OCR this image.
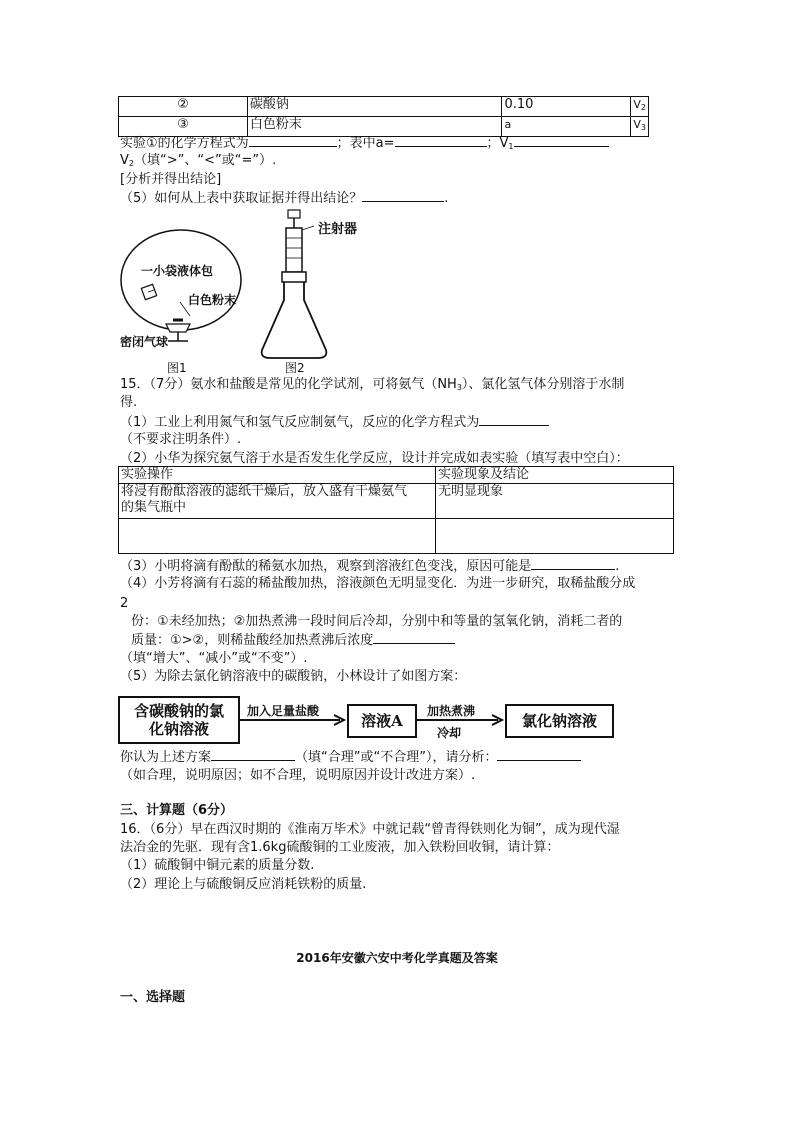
②	碳酸钠	0.10	$V_2$
③	白色粉末	a	$V_3$
实验①的化学方程式为	；表中a=	；$V_1$
$V_2$（填“>”、“<”或“=”）.
[分析并得出结论]
（5）如何从上表中获取证据并得出结论？	.
一小袋液体包
白色粉末
密闭气球
注射器
图1	图2
15．（7分）氨水和盐酸是常见的化学试剂，可将氨气$(NH_3)$、氯化氢气体分别溶于水制
得.
（1）工业上利用氮气和氢气反应制氨气，反应的化学方程式为
（不要求注明条件）.
（2）小华为探究氨气溶于水是否发生化学反应，设计并完成如表实验（填写表中空白）：
实验操作	实验现象及结论

将浸有酚酞溶液的滤纸干燥后，放入盛有干燥氨气
的集气瓶中	无明显现象

（3）小明将滴有酚酞的稀氨水加热，观察到溶液红色变浅，原因可能是	.
（4）小芳将滴有石蕊的稀盐酸加热，溶液颜色无明显变化．为进一步研究，取稀盐酸分成
2
份：①未经加热；②加热煮沸一段时间后冷却，分别中和等量的氢氧化钠，消耗二者的
质量：①>②，则稀盐酸经加热煮沸后浓度
（填“增大”、“减小”或“不变”）.
（5）为除去氯化钠溶液中的碳酸钠，小林设计了如图方案：
含碳酸钠的氯化钠溶液
加入足量盐酸
溶液A
加热煮沸
冷却
氯化钠溶液
你认为上述方案	（填“合理”或“不合理”），请分析：
（如合理，说明原因；如不合理，说明原因并设计改进方案）.
三、计算题（6分）
16．（6分）早在西汉时期的《淮南万毕术》中就记载“曾青得铁则化为铜”，成为现代湿
法冶金的先驱．现有含1.6kg硫酸铜的工业废液，加入铁粉回收铜，请计算：
（1）硫酸铜中铜元素的质量分数.
（2）理论上与硫酸铜反应消耗铁粉的质量.
2016年安徽六安中考化学真题及答案
一、选择题
